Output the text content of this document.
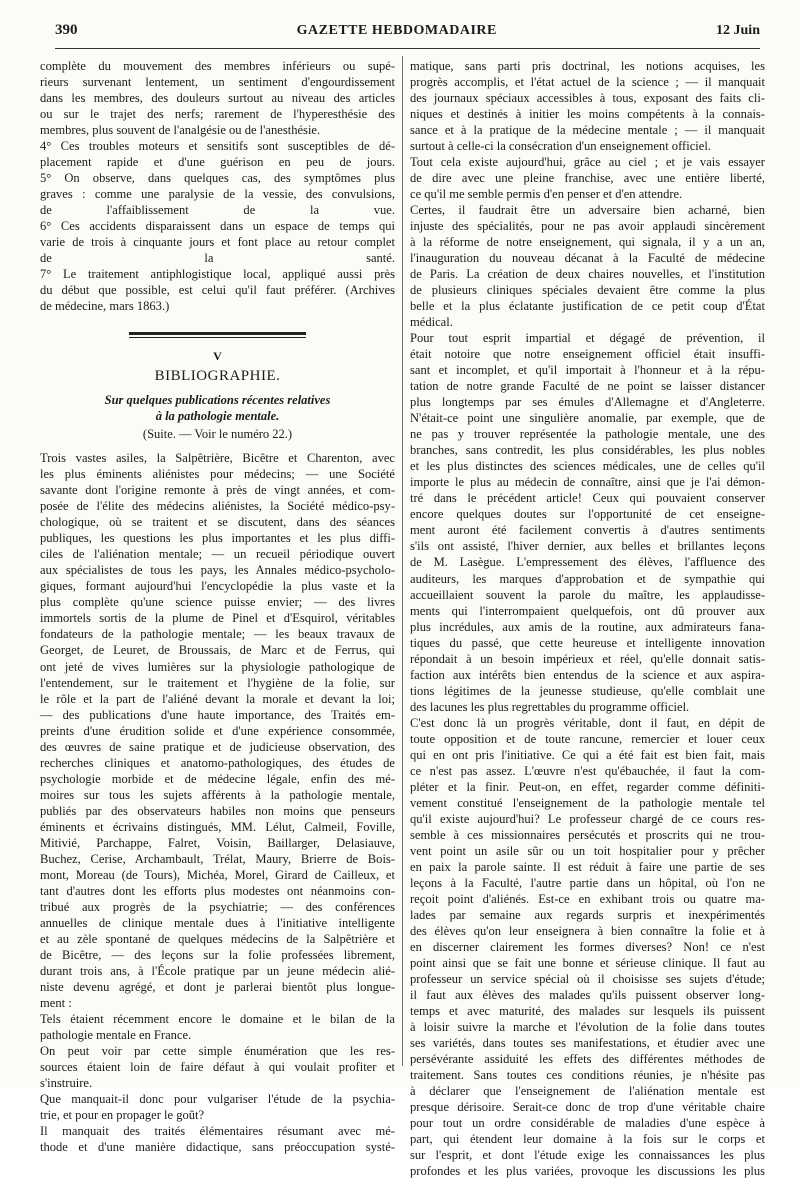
390	GAZETTE HEBDOMADAIRE	12 Juin
complète du mouvement des membres inférieurs ou supé-
rieurs survenant lentement, un sentiment d'engourdissement
dans les membres, des douleurs surtout au niveau des articles
ou sur le trajet des nerfs; rarement de l'hyperesthésie des
membres, plus souvent de l'analgésie ou de l'anesthésie.
4° Ces troubles moteurs et sensitifs sont susceptibles de dé-
placement rapide et d'une guérison en peu de jours.
5° On observe, dans quelques cas, des symptômes plus
graves : comme une paralysie de la vessie, des convulsions,
de l'affaiblissement de la vue.
6° Ces accidents disparaissent dans un espace de temps qui
varie de trois à cinquante jours et font place au retour complet
de la santé.
7° Le traitement antiphlogistique local, appliqué aussi près
du début que possible, est celui qu'il faut préférer. (Archives
de médecine, mars 1863.)
V
BIBLIOGRAPHIE.
Sur quelques publications récentes relatives
à la pathologie mentale.
(Suite. — Voir le numéro 22.)
Trois vastes asiles, la Salpêtrière, Bicêtre et Charenton, avec
les plus éminents aliénistes pour médecins; — une Société
savante dont l'origine remonte à près de vingt années, et com-
posée de l'élite des médecins aliénistes, la Société médico-psy-
chologique, où se traitent et se discutent, dans des séances
publiques, les questions les plus importantes et les plus diffi-
ciles de l'aliénation mentale; — un recueil périodique ouvert
aux spécialistes de tous les pays, les Annales médico-psycholo-
giques, formant aujourd'hui l'encyclopédie la plus vaste et la
plus complète qu'une science puisse envier; — des livres
immortels sortis de la plume de Pinel et d'Esquirol, véritables
fondateurs de la pathologie mentale; — les beaux travaux de
Georget, de Leuret, de Broussais, de Marc et de Ferrus, qui
ont jeté de vives lumières sur la physiologie pathologique de
l'entendement, sur le traitement et l'hygiène de la folie, sur
le rôle et la part de l'aliéné devant la morale et devant la loi;
— des publications d'une haute importance, des Traités em-
preints d'une érudition solide et d'une expérience consommée,
des œuvres de saine pratique et de judicieuse observation, des
recherches cliniques et anatomo-pathologiques, des études de
psychologie morbide et de médecine légale, enfin des mé-
moires sur tous les sujets afférents à la pathologie mentale,
publiés par des observateurs habiles non moins que penseurs
éminents et écrivains distingués, MM. Lélut, Calmeil, Foville,
Mitivié, Parchappe, Falret, Voisin, Baillarger, Delasiauve,
Buchez, Cerise, Archambault, Trélat, Maury, Brierre de Bois-
mont, Moreau (de Tours), Michéa, Morel, Girard de Cailleux, et
tant d'autres dont les efforts plus modestes ont néanmoins con-
tribué aux progrès de la psychiatrie; — des conférences
annuelles de clinique mentale dues à l'initiative intelligente
et au zèle spontané de quelques médecins de la Salpêtrière et
de Bicêtre, — des leçons sur la folie professées librement,
durant trois ans, à l'École pratique par un jeune médecin alié-
niste devenu agrégé, et dont je parlerai bientôt plus longue-
ment :
Tels étaient récemment encore le domaine et le bilan de la
pathologie mentale en France.
On peut voir par cette simple énumération que les res-
sources étaient loin de faire défaut à qui voulait profiter et
s'instruire.
Que manquait-il donc pour vulgariser l'étude de la psychia-
trie, et pour en propager le goût?
Il manquait des traités élémentaires résumant avec mé-
thode et d'une manière didactique, sans préoccupation systé-
matique, sans parti pris doctrinal, les notions acquises, les
progrès accomplis, et l'état actuel de la science ; — il manquait
des journaux spéciaux accessibles à tous, exposant des faits cli-
niques et destinés à initier les moins compétents à la connais-
sance et à la pratique de la médecine mentale ; — il manquait
surtout à celle-ci la consécration d'un enseignement officiel.
Tout cela existe aujourd'hui, grâce au ciel ; et je vais essayer
de dire avec une pleine franchise, avec une entière liberté,
ce qu'il me semble permis d'en penser et d'en attendre.
Certes, il faudrait être un adversaire bien acharné, bien
injuste des spécialités, pour ne pas avoir applaudi sincèrement
à la réforme de notre enseignement, qui signala, il y a un an,
l'inauguration du nouveau décanat à la Faculté de médecine
de Paris. La création de deux chaires nouvelles, et l'institution
de plusieurs cliniques spéciales devaient être comme la plus
belle et la plus éclatante justification de ce petit coup d'État
médical.
Pour tout esprit impartial et dégagé de prévention, il
était notoire que notre enseignement officiel était insuffi-
sant et incomplet, et qu'il importait à l'honneur et à la répu-
tation de notre grande Faculté de ne point se laisser distancer
plus longtemps par ses émules d'Allemagne et d'Angleterre.
N'était-ce point une singulière anomalie, par exemple, que de
ne pas y trouver représentée la pathologie mentale, une des
branches, sans contredit, les plus considérables, les plus nobles
et les plus distinctes des sciences médicales, une de celles qu'il
importe le plus au médecin de connaître, ainsi que je l'ai démon-
tré dans le précédent article! Ceux qui pouvaient conserver
encore quelques doutes sur l'opportunité de cet enseigne-
ment auront été facilement convertis à d'autres sentiments
s'ils ont assisté, l'hiver dernier, aux belles et brillantes leçons
de M. Lasègue. L'empressement des élèves, l'affluence des
auditeurs, les marques d'approbation et de sympathie qui
accueillaient souvent la parole du maître, les applaudisse-
ments qui l'interrompaient quelquefois, ont dû prouver aux
plus incrédules, aux amis de la routine, aux admirateurs fana-
tiques du passé, que cette heureuse et intelligente innovation
répondait à un besoin impérieux et réel, qu'elle donnait satis-
faction aux intérêts bien entendus de la science et aux aspira-
tions légitimes de la jeunesse studieuse, qu'elle comblait une
des lacunes les plus regrettables du programme officiel.
C'est donc là un progrès véritable, dont il faut, en dépit de
toute opposition et de toute rancune, remercier et louer ceux
qui en ont pris l'initiative. Ce qui a été fait est bien fait, mais
ce n'est pas assez. L'œuvre n'est qu'ébauchée, il faut la com-
pléter et la finir. Peut-on, en effet, regarder comme définiti-
vement constitué l'enseignement de la pathologie mentale tel
qu'il existe aujourd'hui? Le professeur chargé de ce cours res-
semble à ces missionnaires persécutés et proscrits qui ne trou-
vent point un asile sûr ou un toit hospitalier pour y prêcher
en paix la parole sainte. Il est réduit à faire une partie de ses
leçons à la Faculté, l'autre partie dans un hôpital, où l'on ne
reçoit point d'aliénés. Est-ce en exhibant trois ou quatre ma-
lades par semaine aux regards surpris et inexpérimentés
des élèves qu'on leur enseignera à bien connaître la folie et à
en discerner clairement les formes diverses? Non! ce n'est
point ainsi que se fait une bonne et sérieuse clinique. Il faut au
professeur un service spécial où il choisisse ses sujets d'étude;
il faut aux élèves des malades qu'ils puissent observer long-
temps et avec maturité, des malades sur lesquels ils puissent
à loisir suivre la marche et l'évolution de la folie dans toutes
ses variétés, dans toutes ses manifestations, et étudier avec une
persévérante assiduité les effets des différentes méthodes de
traitement. Sans toutes ces conditions réunies, je n'hésite pas
à déclarer que l'enseignement de l'aliénation mentale est
presque dérisoire. Serait-ce donc de trop d'une véritable chaire
pour tout un ordre considérable de maladies d'une espèce à
part, qui étendent leur domaine à la fois sur le corps et
sur l'esprit, et dont l'étude exige les connaissances les plus
profondes et les plus variées, provoque les discussions les plus
